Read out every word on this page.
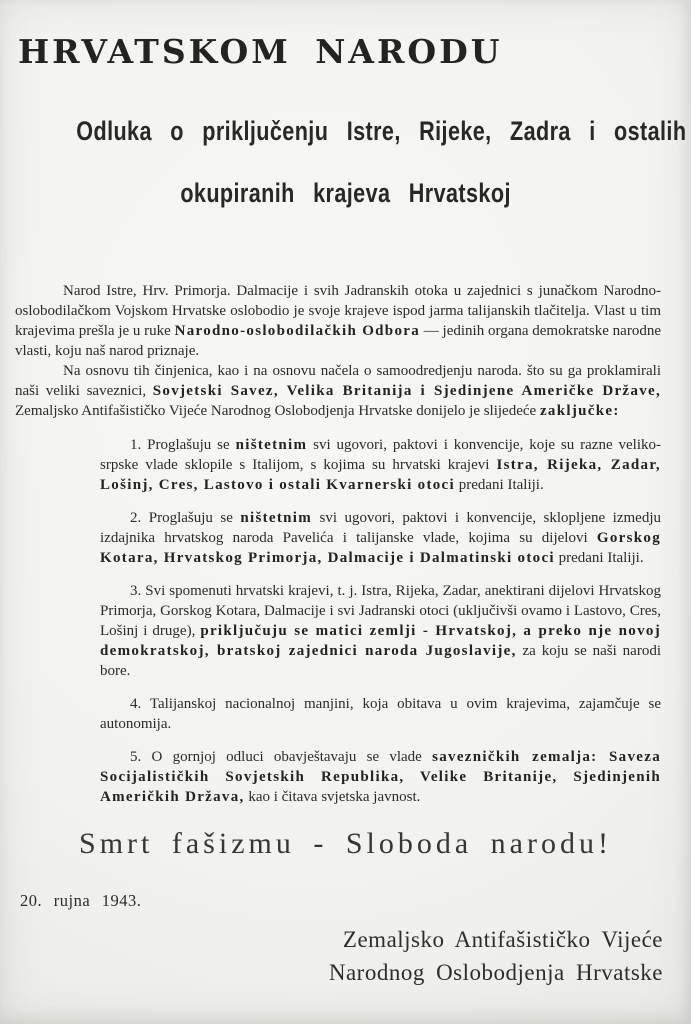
HRVATSKOM NARODU
Odluka o priključenju Istre, Rijeke, Zadra i ostalih
okupiranih krajeva Hrvatskoj

Narod Istre, Hrv. Primorja. Dalmacije i svih Jadranskih otoka u zajednici s junačkom Narodno-oslobodilačkom Vojskom Hrvatske oslobodio je svoje krajeve ispod jarma talijanskih tlačitelja. Vlast u tim krajevima prešla je u ruke Narodno-oslobodilačkih Odbora — jedinih organa demokratske narodne vlasti, koju naš narod priznaje.

Na osnovu tih činjenica, kao i na osnovu načela o samoodredjenju naroda. što su ga proklamirali naši veliki saveznici, Sovjetski Savez, Velika Britanija i Sjedinjene Američke Države, Zemaljsko Antifašističko Vijeće Narodnog Oslobodjenja Hrvatske donijelo je slijedeće zaključke:

1. Proglašuju se ništetnim svi ugovori, paktovi i konvencije, koje su razne veliko-srpske vlade sklopile s Italijom, s kojima su hrvatski krajevi Istra, Rijeka, Zadar, Lošinj, Cres, Lastovo i ostali Kvarnerski otoci predani Italiji.

2. Proglašuju se ništetnim svi ugovori, paktovi i konvencije, sklopljene izmedju izdajnika hrvatskog naroda Pavelića i talijanske vlade, kojima su dijelovi Gorskog Kotara, Hrvatskog Primorja, Dalmacije i Dalmatinski otoci predani Italiji.

3. Svi spomenuti hrvatski krajevi, t. j. Istra, Rijeka, Zadar, anektirani dijelovi Hrvatskog Primorja, Gorskog Kotara, Dalmacije i svi Jadranski otoci (uključivši ovamo i Lastovo, Cres, Lošinj i druge), priključuju se matici zemlji - Hrvatskoj, a preko nje novoj demokratskoj, bratskoj zajednici naroda Jugoslavije, za koju se naši narodi bore.

4. Talijanskoj nacionalnoj manjini, koja obitava u ovim krajevima, zajamčuje se autonomija.

5. O gornjoj odluci obavještavaju se vlade savezničkih zemalja: Saveza Socijalističkih Sovjetskih Republika, Velike Britanije, Sjedinjenih Američkih Država, kao i čitava svjetska javnost.

Smrt fašizmu - Sloboda narodu!
20. rujna 1943.
Zemaljsko Antifašističko Vijeće
Narodnog Oslobodjenja Hrvatske
